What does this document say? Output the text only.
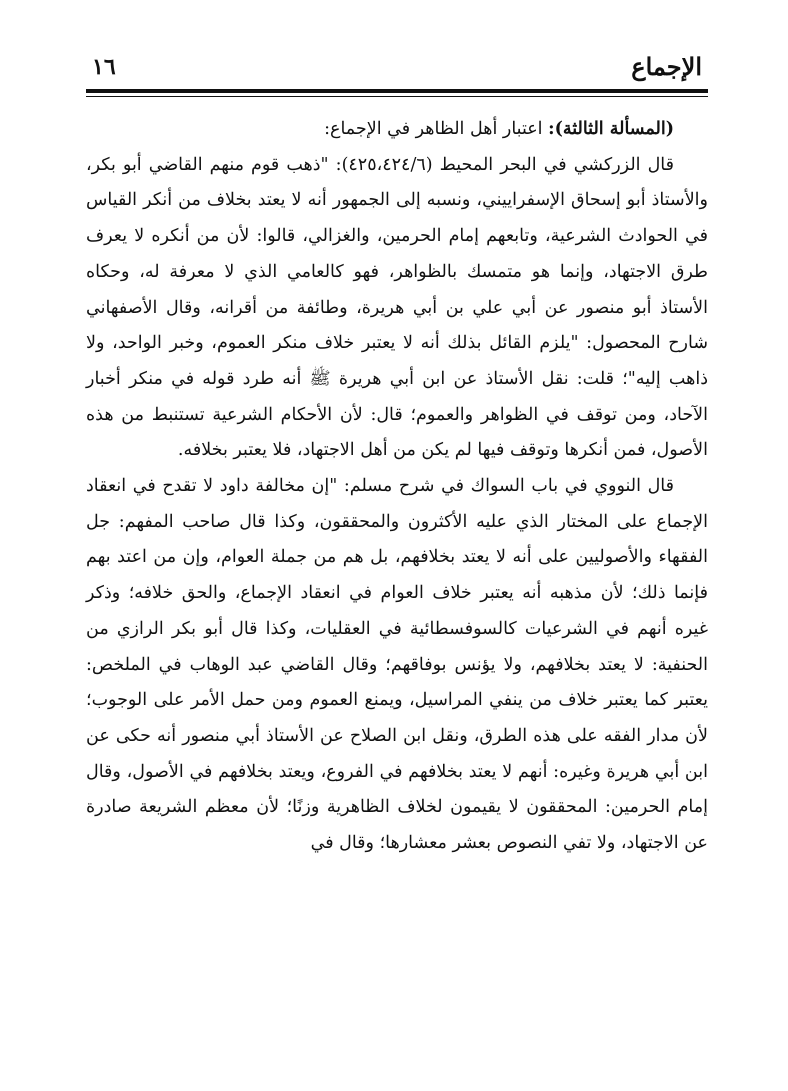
الإجماع
١٦

(المسألة الثالثة): اعتبار أهل الظاهر في الإجماع:

قال الزركشي في البحر المحيط (٤٢٥،٤٢٤/٦): "ذهب قوم منهم القاضي أبو بكر، والأستاذ أبو إسحاق الإسفراييني، ونسبه إلى الجمهور أنه لا يعتد بخلاف من أنكر القياس في الحوادث الشرعية، وتابعهم إمام الحرمين، والغزالي، قالوا: لأن من أنكره لا يعرف طرق الاجتهاد، وإنما هو متمسك بالظواهر، فهو كالعامي الذي لا معرفة له، وحكاه الأستاذ أبو منصور عن أبي علي بن أبي هريرة، وطائفة من أقرانه، وقال الأصفهاني شارح المحصول: "يلزم القائل بذلك أنه لا يعتبر خلاف منكر العموم، وخبر الواحد، ولا ذاهب إليه"؛ قلت: نقل الأستاذ عن ابن أبي هريرة ﷺ أنه طرد قوله في منكر أخبار الآحاد، ومن توقف في الظواهر والعموم؛ قال: لأن الأحكام الشرعية تستنبط من هذه الأصول، فمن أنكرها وتوقف فيها لم يكن من أهل الاجتهاد، فلا يعتبر بخلافه.

قال النووي في باب السواك في شرح مسلم: "إن مخالفة داود لا تقدح في انعقاد الإجماع على المختار الذي عليه الأكثرون والمحققون، وكذا قال صاحب المفهم: جل الفقهاء والأصوليين على أنه لا يعتد بخلافهم، بل هم من جملة العوام، وإن من اعتد بهم فإنما ذلك؛ لأن مذهبه أنه يعتبر خلاف العوام في انعقاد الإجماع، والحق خلافه؛ وذكر غيره أنهم في الشرعيات كالسوفسطائية في العقليات، وكذا قال أبو بكر الرازي من الحنفية: لا يعتد بخلافهم، ولا يؤنس بوفاقهم؛ وقال القاضي عبد الوهاب في الملخص: يعتبر كما يعتبر خلاف من ينفي المراسيل، ويمنع العموم ومن حمل الأمر على الوجوب؛ لأن مدار الفقه على هذه الطرق، ونقل ابن الصلاح عن الأستاذ أبي منصور أنه حكى عن ابن أبي هريرة وغيره: أنهم لا يعتد بخلافهم في الفروع، ويعتد بخلافهم في الأصول، وقال إمام الحرمين: المحققون لا يقيمون لخلاف الظاهرية وزنًا؛ لأن معظم الشريعة صادرة عن الاجتهاد، ولا تفي النصوص بعشر معشارها؛ وقال في
